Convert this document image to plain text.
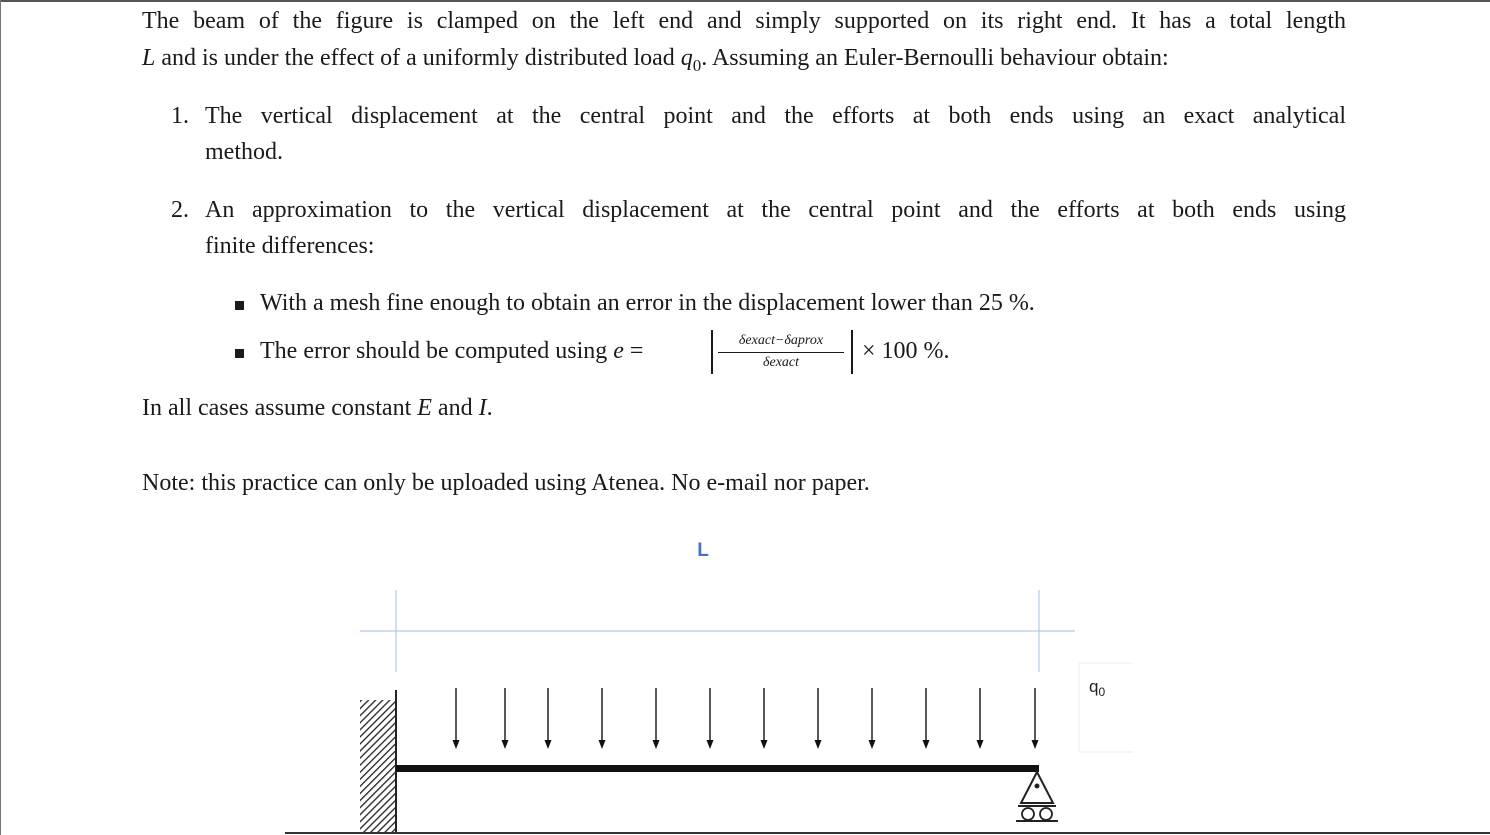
The beam of the figure is clamped on the left end and simply supported on its right end. It has a total length
L and is under the effect of a uniformly distributed load $q_0$. Assuming an Euler-Bernoulli behaviour obtain:
1. The vertical displacement at the central point and the efforts at both ends using an exact analytical
method.
2. An approximation to the vertical displacement at the central point and the efforts at both ends using
finite differences:
With a mesh fine enough to obtain an error in the displacement lower than 25 %.
The error should be computed using e =	δexact−δaprox
δexact	× 100 %.
In all cases assume constant E and I.
Note: this practice can only be uploaded using Atenea. No e-mail nor paper.
L
$q_0$
